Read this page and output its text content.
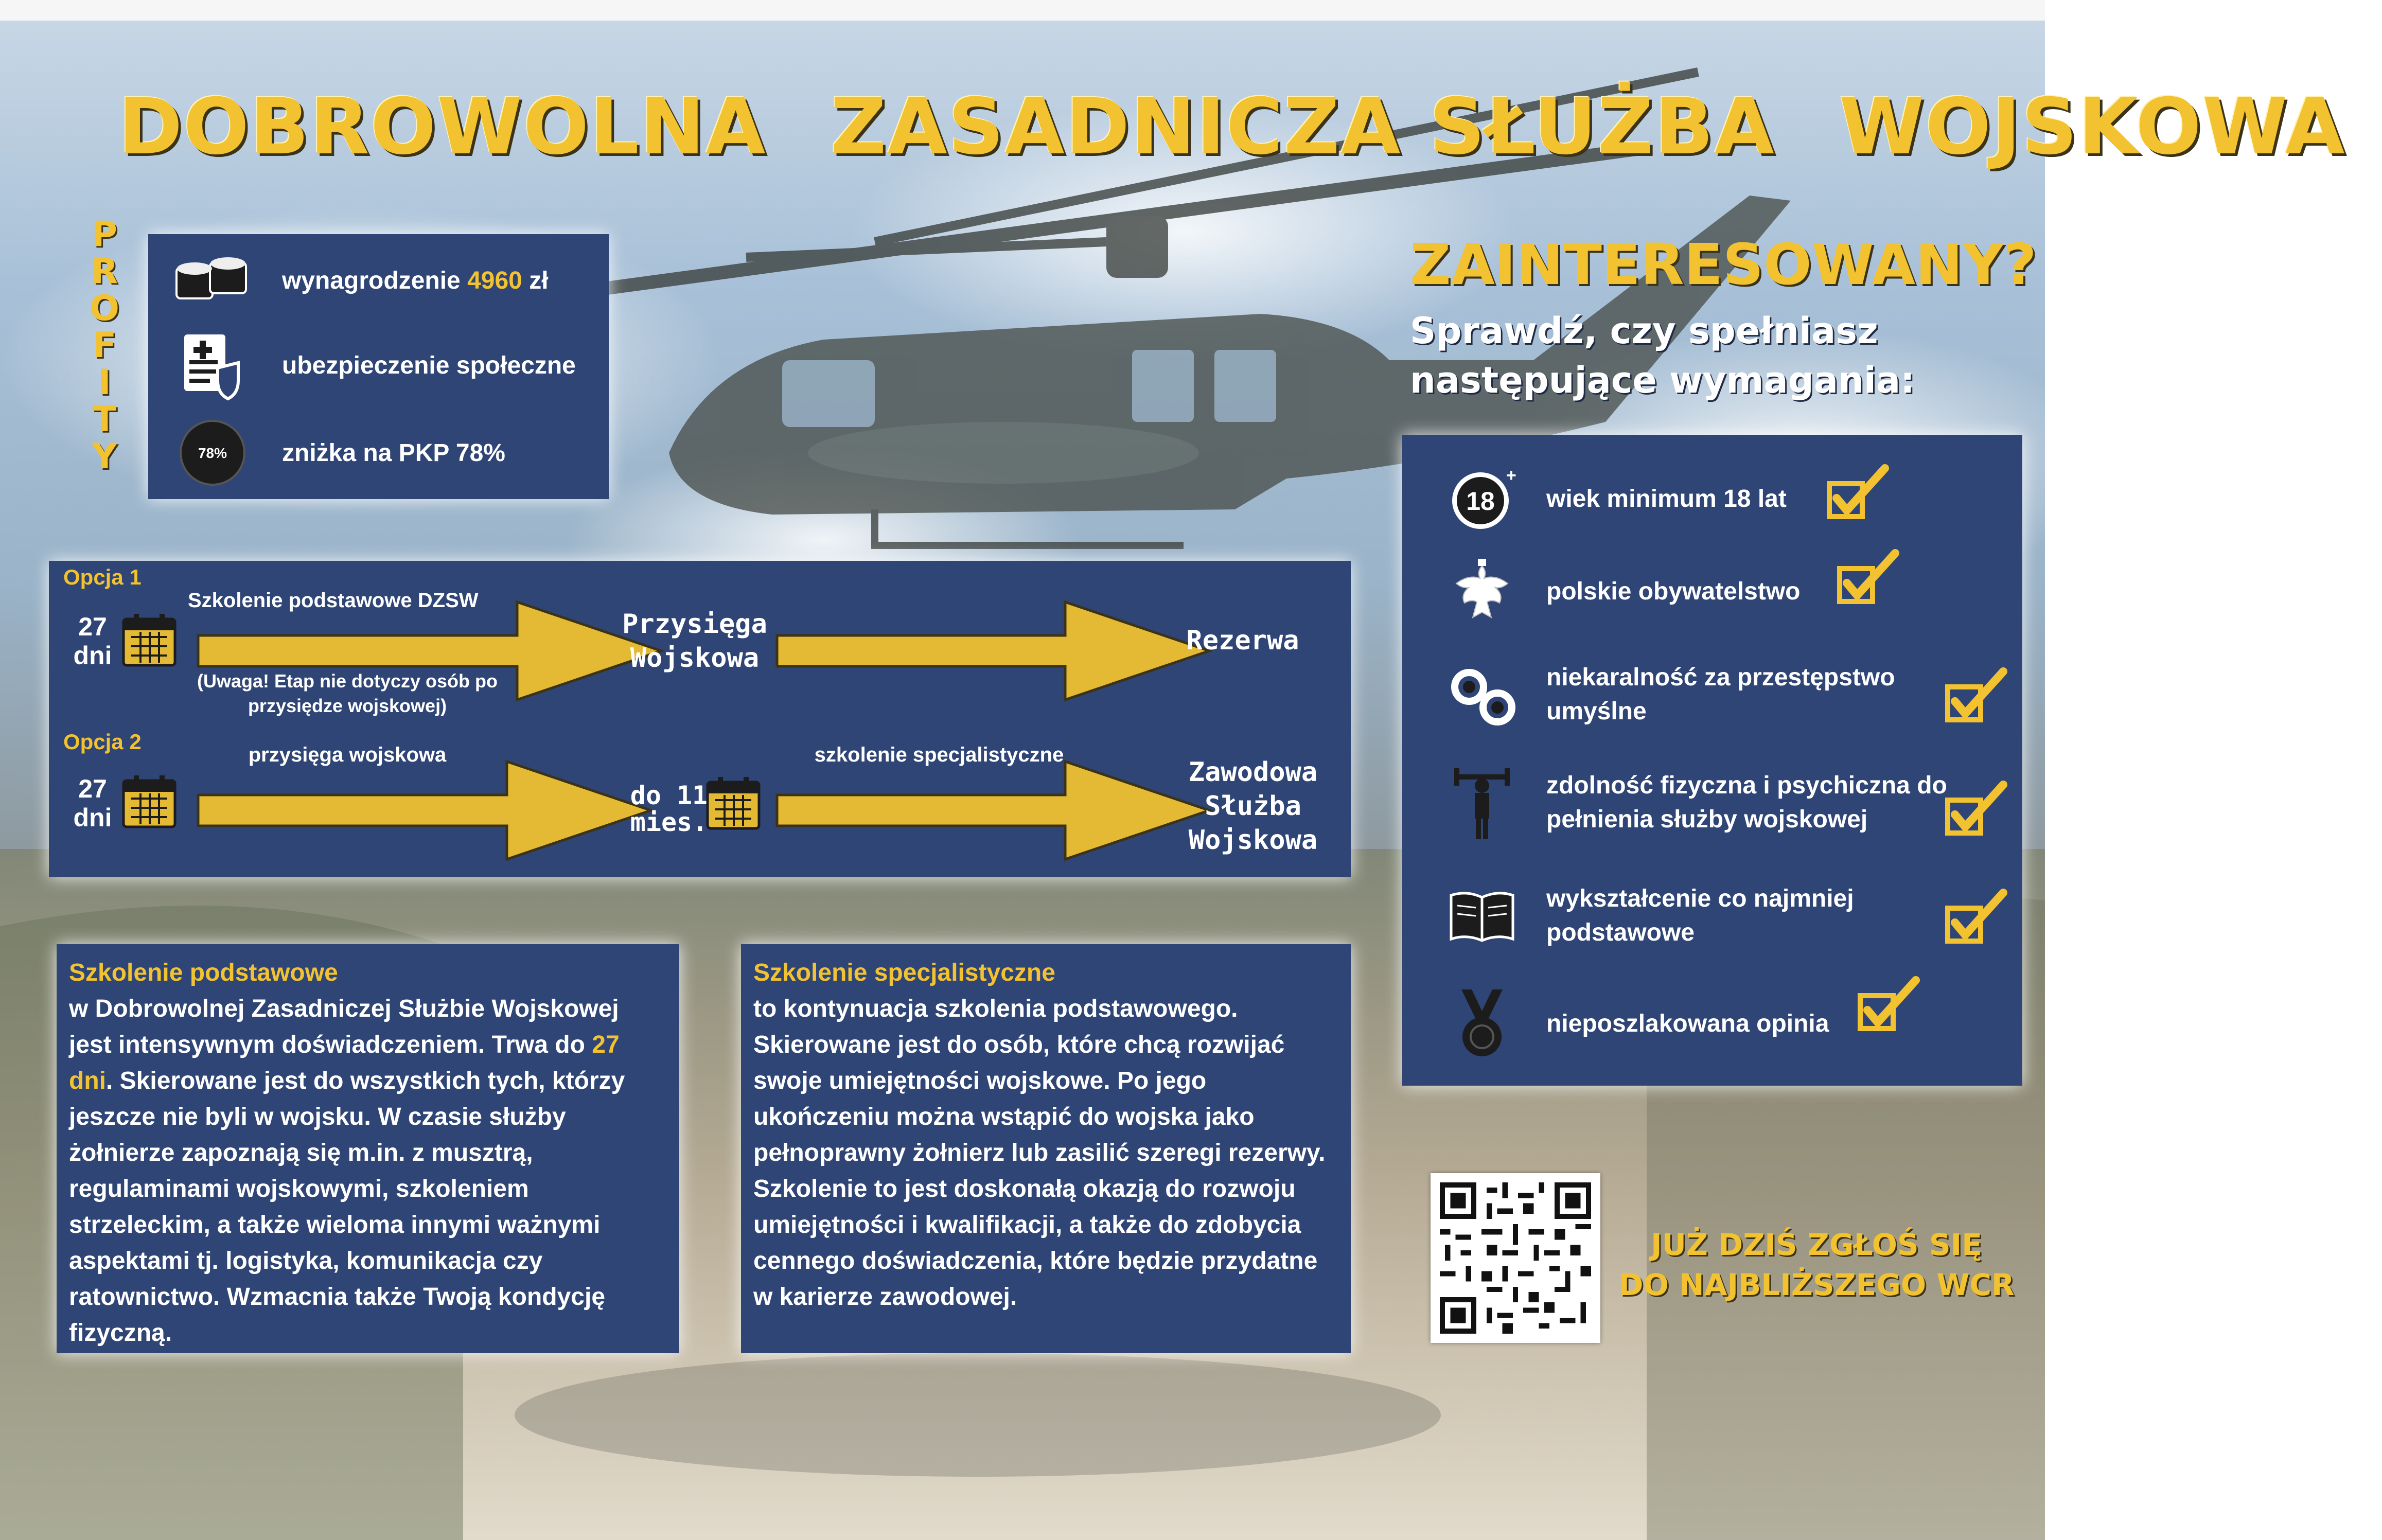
DOBROWOLNA ZASADNICZA SŁUŻBA WOJSKOWA
P
R
O
F
I
T
Y
wynagrodzenie 4960 zł
ubezpieczenie społeczne
78% zniżka na PKP 78%
ZAINTERESOWANY?
Sprawdź, czy spełniasz następujące wymagania:
18
+
wiek minimum 18 lat
polskie obywatelstwo
niekaralność za przestępstwo umyślne
zdolność fizyczna i psychiczna do pełnienia służby wojskowej
wykształcenie co najmniej podstawowe
nieposzlakowana opinia
Opcja 1
27
dni
Szkolenie podstawowe DZSW
(Uwaga! Etap nie dotyczy osób po przysiędze wojskowej)
Przysięga
Wojskowa
Rezerwa
Opcja 2
27
dni
przysięga wojskowa
do 11
mies.
szkolenie specjalistyczne
Zawodowa
Służba
Wojskowa
Szkolenie podstawowe
w Dobrowolnej Zasadniczej Służbie Wojskowej jest intensywnym doświadczeniem. Trwa do 27 dni. Skierowane jest do wszystkich tych, którzy jeszcze nie byli w wojsku. W czasie służby żołnierze zapoznają się m.in. z musztrą, regulaminami wojskowymi, szkoleniem strzeleckim, a także wieloma innymi ważnymi aspektami tj. logistyka, komunikacja czy ratownictwo. Wzmacnia także Twoją kondycję fizyczną.
Szkolenie specjalistyczne
to kontynuacja szkolenia podstawowego. Skierowane jest do osób, które chcą rozwijać swoje umiejętności wojskowe. Po jego ukończeniu można wstąpić do wojska jako pełnoprawny żołnierz lub zasilić szeregi rezerwy. Szkolenie to jest doskonałą okazją do rozwoju umiejętności i kwalifikacji, a także do zdobycia cennego doświadczenia, które będzie przydatne w karierze zawodowej.
JUŻ DZIŚ ZGŁOŚ SIĘ
DO NAJBLIŻSZEGO WCR
